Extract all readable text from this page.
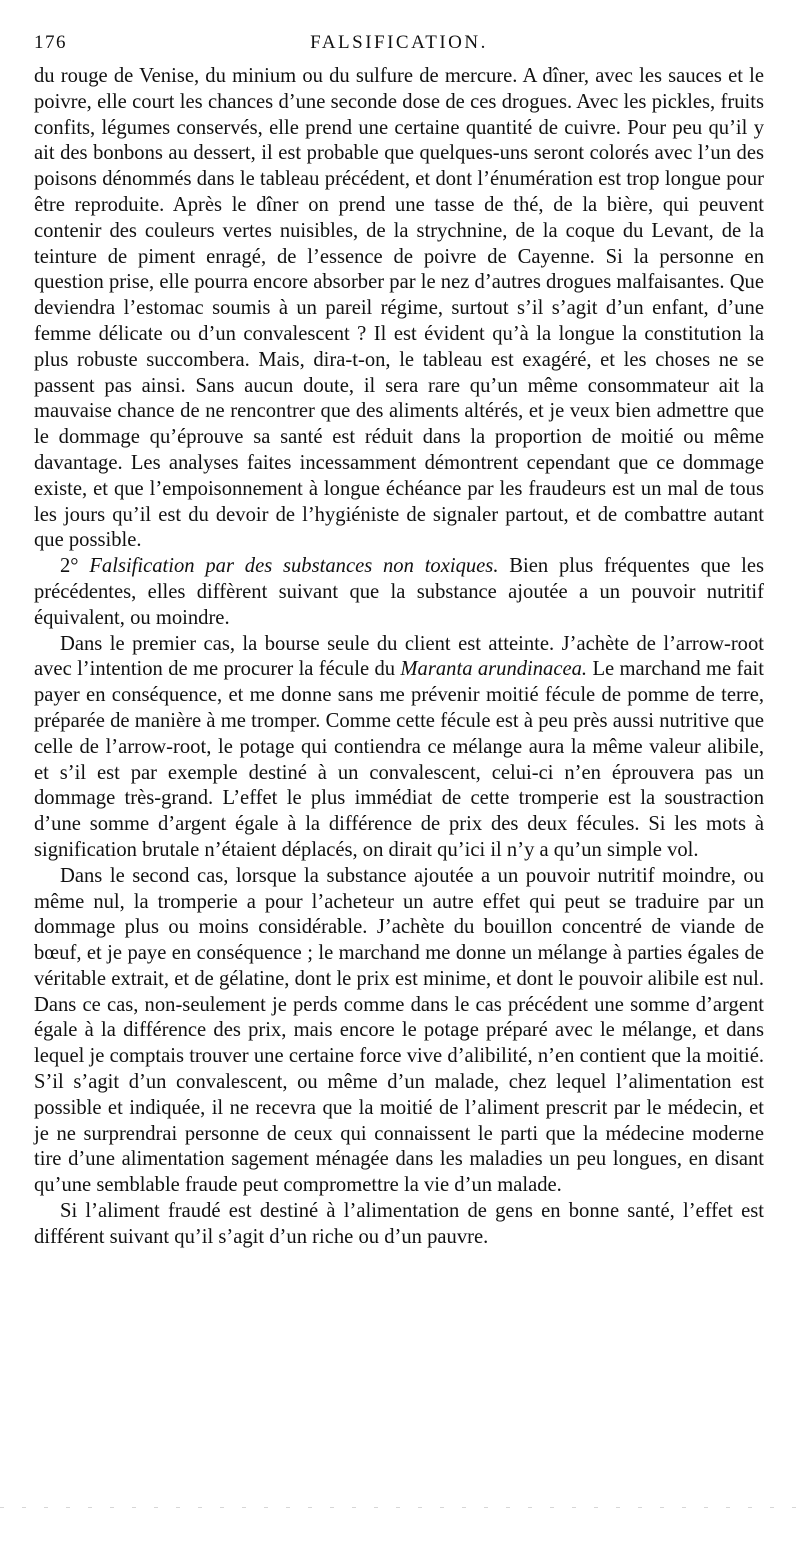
176	FALSIFICATION.

du rouge de Venise, du minium ou du sulfure de mercure. A dîner, avec les sauces et le poivre, elle court les chances d’une seconde dose de ces drogues. Avec les pickles, fruits confits, légumes conservés, elle prend une certaine quantité de cuivre. Pour peu qu’il y ait des bonbons au dessert, il est probable que quelques-uns seront colorés avec l’un des poisons dénommés dans le tableau précédent, et dont l’énumération est trop longue pour être reproduite. Après le dîner on prend une tasse de thé, de la bière, qui peuvent contenir des couleurs vertes nuisibles, de la strychnine, de la coque du Levant, de la teinture de piment enragé, de l’essence de poivre de Cayenne. Si la personne en question prise, elle pourra encore absorber par le nez d’autres drogues malfaisantes. Que deviendra l’estomac soumis à un pareil régime, surtout s’il s’agit d’un enfant, d’une femme délicate ou d’un convalescent ? Il est évident qu’à la longue la constitution la plus robuste succombera. Mais, dira-t-on, le tableau est exagéré, et les choses ne se passent pas ainsi. Sans aucun doute, il sera rare qu’un même consommateur ait la mauvaise chance de ne rencontrer que des aliments altérés, et je veux bien admettre que le dommage qu’éprouve sa santé est réduit dans la proportion de moitié ou même davantage. Les analyses faites incessamment démontrent cependant que ce dommage existe, et que l’empoisonnement à longue échéance par les fraudeurs est un mal de tous les jours qu’il est du devoir de l’hygiéniste de signaler partout, et de combattre autant que possible.

2° Falsification par des substances non toxiques. Bien plus fréquentes que les précédentes, elles diffèrent suivant que la substance ajoutée a un pouvoir nutritif équivalent, ou moindre.

Dans le premier cas, la bourse seule du client est atteinte. J’achète de l’arrow-root avec l’intention de me procurer la fécule du Maranta arundinacea. Le marchand me fait payer en conséquence, et me donne sans me prévenir moitié fécule de pomme de terre, préparée de manière à me tromper. Comme cette fécule est à peu près aussi nutritive que celle de l’arrow-root, le potage qui contiendra ce mélange aura la même valeur alibile, et s’il est par exemple destiné à un convalescent, celui-ci n’en éprouvera pas un dommage très-grand. L’effet le plus immédiat de cette tromperie est la soustraction d’une somme d’argent égale à la différence de prix des deux fécules. Si les mots à signification brutale n’étaient déplacés, on dirait qu’ici il n’y a qu’un simple vol.

Dans le second cas, lorsque la substance ajoutée a un pouvoir nutritif moindre, ou même nul, la tromperie a pour l’acheteur un autre effet qui peut se traduire par un dommage plus ou moins considérable. J’achète du bouillon concentré de viande de bœuf, et je paye en conséquence ; le marchand me donne un mélange à parties égales de véritable extrait, et de gélatine, dont le prix est minime, et dont le pouvoir alibile est nul. Dans ce cas, non-seulement je perds comme dans le cas précédent une somme d’argent égale à la différence des prix, mais encore le potage préparé avec le mélange, et dans lequel je comptais trouver une certaine force vive d’alibilité, n’en contient que la moitié. S’il s’agit d’un convalescent, ou même d’un malade, chez lequel l’alimentation est possible et indiquée, il ne recevra que la moitié de l’aliment prescrit par le médecin, et je ne surprendrai personne de ceux qui connaissent le parti que la médecine moderne tire d’une alimentation sagement ménagée dans les maladies un peu longues, en disant qu’une semblable fraude peut compromettre la vie d’un malade.

Si l’aliment fraudé est destiné à l’alimentation de gens en bonne santé, l’effet est différent suivant qu’il s’agit d’un riche ou d’un pauvre.
